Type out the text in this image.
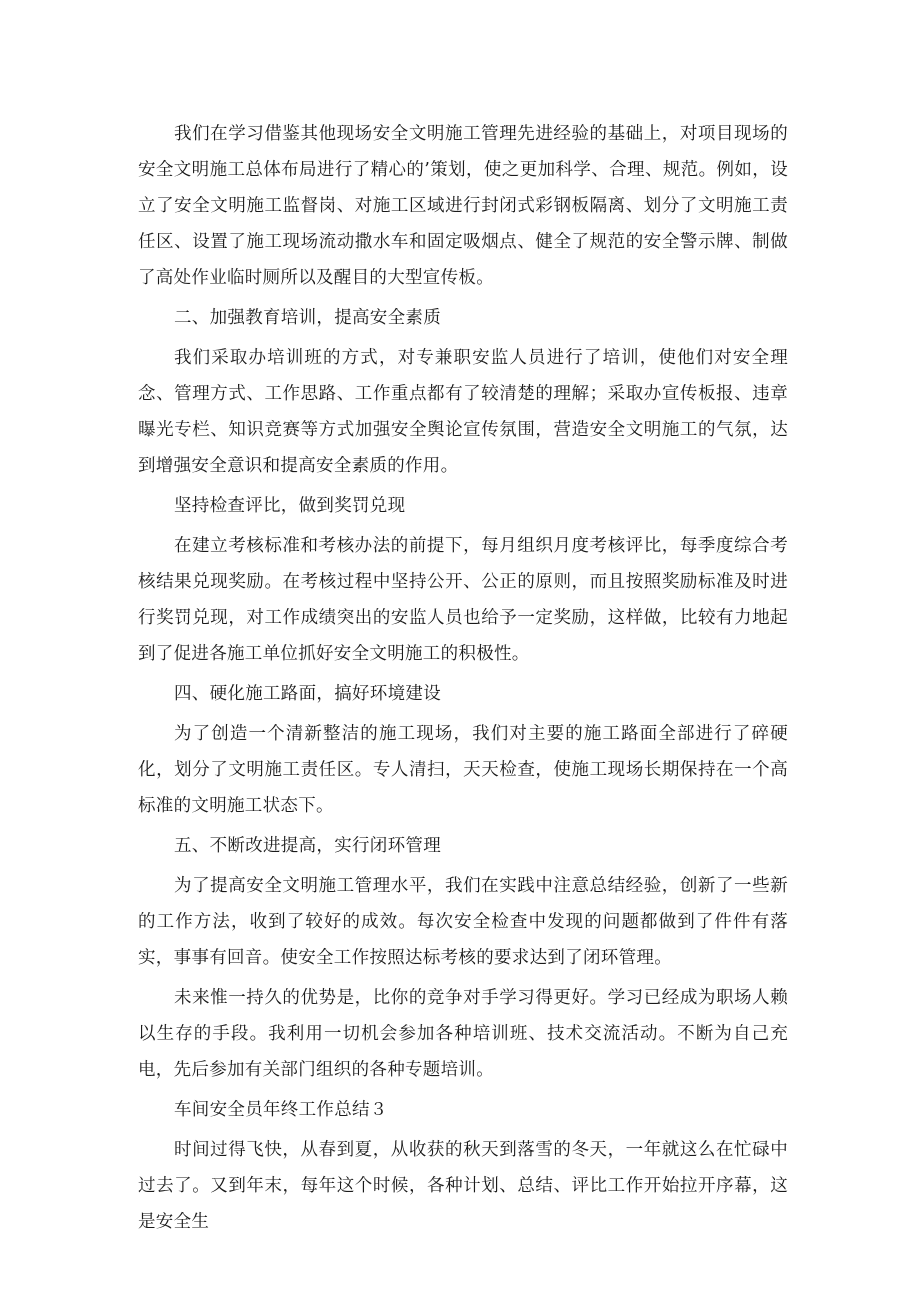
我们在学习借鉴其他现场安全文明施工管理先进经验的基础上，对项目现场的安全文明施工总体布局进行了精心的’策划，使之更加科学、合理、规范。例如，设立了安全文明施工监督岗、对施工区域进行封闭式彩钢板隔离、划分了文明施工责任区、设置了施工现场流动撒水车和固定吸烟点、健全了规范的安全警示牌、制做了高处作业临时厕所以及醒目的大型宣传板。

二、加强教育培训，提高安全素质

我们采取办培训班的方式，对专兼职安监人员进行了培训，使他们对安全理念、管理方式、工作思路、工作重点都有了较清楚的理解；采取办宣传板报、违章曝光专栏、知识竞赛等方式加强安全舆论宣传氛围，营造安全文明施工的气氛，达到增强安全意识和提高安全素质的作用。

坚持检查评比，做到奖罚兑现

在建立考核标准和考核办法的前提下，每月组织月度考核评比，每季度综合考核结果兑现奖励。在考核过程中坚持公开、公正的原则，而且按照奖励标准及时进行奖罚兑现，对工作成绩突出的安监人员也给予一定奖励，这样做，比较有力地起到了促进各施工单位抓好安全文明施工的积极性。

四、硬化施工路面，搞好环境建设

为了创造一个清新整洁的施工现场，我们对主要的施工路面全部进行了碎硬化，划分了文明施工责任区。专人清扫，天天检查，使施工现场长期保持在一个高标准的文明施工状态下。

五、不断改进提高，实行闭环管理

为了提高安全文明施工管理水平，我们在实践中注意总结经验，创新了一些新的工作方法，收到了较好的成效。每次安全检查中发现的问题都做到了件件有落实，事事有回音。使安全工作按照达标考核的要求达到了闭环管理。

未来惟一持久的优势是，比你的竞争对手学习得更好。学习已经成为职场人赖以生存的手段。我利用一切机会参加各种培训班、技术交流活动。不断为自己充电，先后参加有关部门组织的各种专题培训。

车间安全员年终工作总结３

时间过得飞快，从春到夏，从收获的秋天到落雪的冬天，一年就这么在忙碌中过去了。又到年末，每年这个时候，各种计划、总结、评比工作开始拉开序幕，这是安全生
